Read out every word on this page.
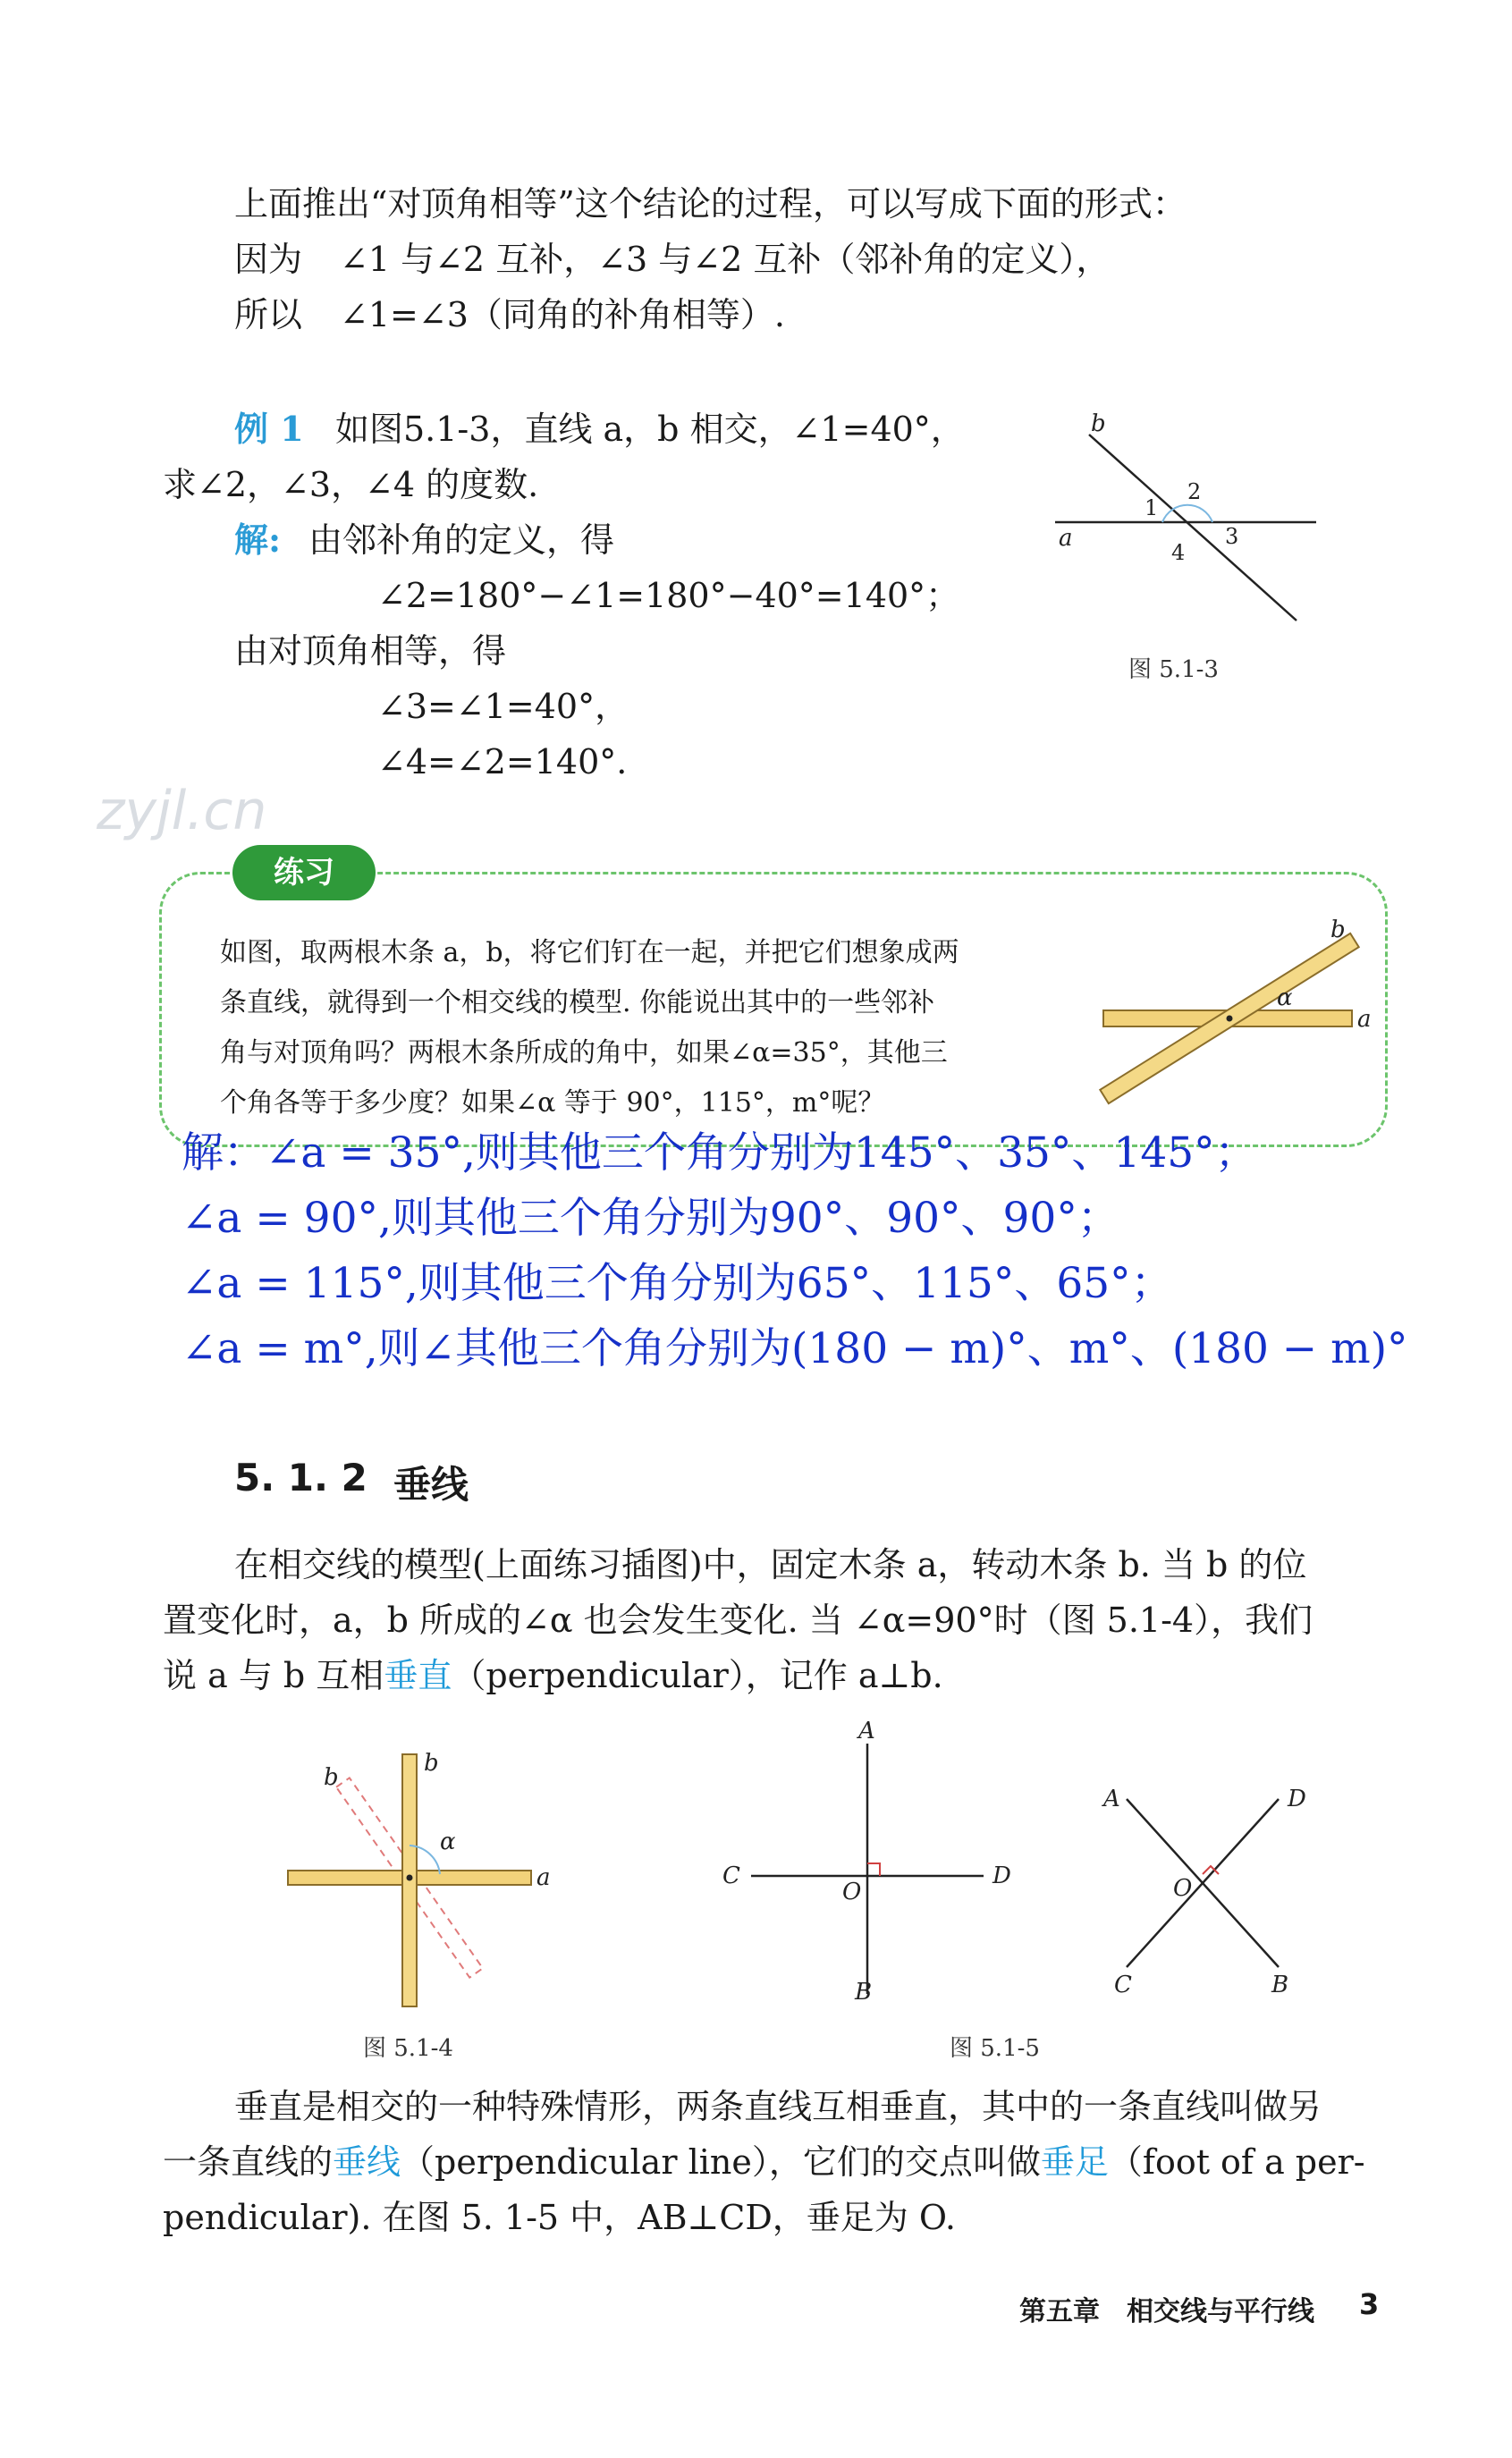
上面推出“对顶角相等”这个结论的过程，可以写成下面的形式：
因为 ∠1 与∠2 互补，∠3 与∠2 互补（邻补角的定义），
所以 ∠1=∠3（同角的补角相等）.
例 1 如图5.1-3，直线 a，b 相交，∠1=40°，
求∠2，∠3，∠4 的度数.
解: 由邻补角的定义，得
∠2=180°−∠1=180°−40°=140°；
由对顶角相等，得
∠3=∠1=40°，
∠4=∠2=140°.
b
a
1
2
3
4
图 5.1-3
zyjl.cn
练习
如图，取两根木条 a，b，将它们钉在一起，并把它们想象成两
条直线，就得到一个相交线的模型. 你能说出其中的一些邻补
角与对顶角吗？两根木条所成的角中，如果∠α=35°，其他三
个角各等于多少度？如果∠α 等于 90°，115°，m°呢？
α
a
b
解：∠a = 35°,则其他三个角分别为145°、35°、145°；
∠a = 90°,则其他三个角分别为90°、90°、90°；
∠a = 115°,则其他三个角分别为65°、115°、65°；
∠a = m°,则∠其他三个角分别为(180 − m)°、m°、(180 − m)°
5. 1. 2 垂线
在相交线的模型(上面练习插图)中，固定木条 a，转动木条 b. 当 b 的位
置变化时，a，b 所成的∠α 也会发生变化. 当 ∠α=90°时（图 5.1-4），我们
说 a 与 b 互相垂直（perpendicular），记作 a⊥b.
b
b
α
a
图 5.1-4
A
B
C	D
O
A	D
C	B
O
图 5.1-5
垂直是相交的一种特殊情形，两条直线互相垂直，其中的一条直线叫做另
一条直线的垂线（perpendicular line），它们的交点叫做垂足（foot of a per-
pendicular). 在图 5. 1-5 中，AB⊥CD，垂足为 O.
第五章　相交线与平行线 3
